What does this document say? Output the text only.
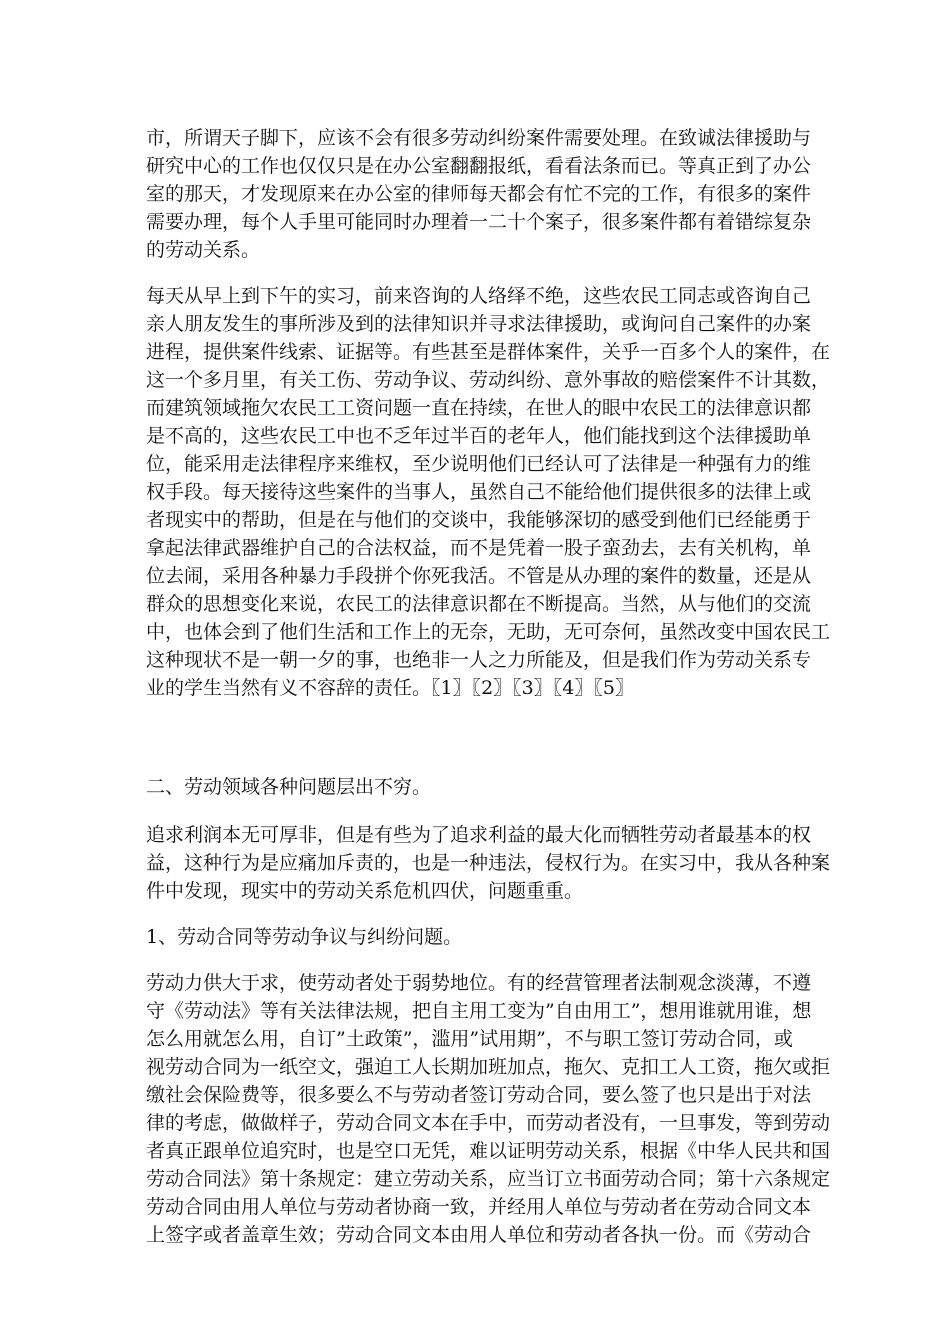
市，所谓天子脚下，应该不会有很多劳动纠纷案件需要处理。在致诚法律援助与
研究中心的工作也仅仅只是在办公室翻翻报纸，看看法条而已。等真正到了办公
室的那天，才发现原来在办公室的律师每天都会有忙不完的工作，有很多的案件
需要办理，每个人手里可能同时办理着一二十个案子，很多案件都有着错综复杂
的劳动关系。
每天从早上到下午的实习，前来咨询的人络绎不绝，这些农民工同志或咨询自己
亲人朋友发生的事所涉及到的法律知识并寻求法律援助，或询问自己案件的办案
进程，提供案件线索、证据等。有些甚至是群体案件，关乎一百多个人的案件，在
这一个多月里，有关工伤、劳动争议、劳动纠纷、意外事故的赔偿案件不计其数，
而建筑领域拖欠农民工工资问题一直在持续，在世人的眼中农民工的法律意识都
是不高的，这些农民工中也不乏年过半百的老年人，他们能找到这个法律援助单
位，能采用走法律程序来维权，至少说明他们已经认可了法律是一种强有力的维
权手段。每天接待这些案件的当事人，虽然自己不能给他们提供很多的法律上或
者现实中的帮助，但是在与他们的交谈中，我能够深切的感受到他们已经能勇于
拿起法律武器维护自己的合法权益，而不是凭着一股子蛮劲去，去有关机构，单
位去闹，采用各种暴力手段拼个你死我活。不管是从办理的案件的数量，还是从
群众的思想变化来说，农民工的法律意识都在不断提高。当然，从与他们的交流
中，也体会到了他们生活和工作上的无奈，无助，无可奈何，虽然改变中国农民工
这种现状不是一朝一夕的事，也绝非一人之力所能及，但是我们作为劳动关系专
业的学生当然有义不容辞的责任。〖1〗〖2〗〖3〗〖4〗〖5〗
二、劳动领域各种问题层出不穷。
追求利润本无可厚非，但是有些为了追求利益的最大化而牺牲劳动者最基本的权
益，这种行为是应痛加斥责的，也是一种违法，侵权行为。在实习中，我从各种案
件中发现，现实中的劳动关系危机四伏，问题重重。
1、劳动合同等劳动争议与纠纷问题。
劳动力供大于求，使劳动者处于弱势地位。有的经营管理者法制观念淡薄，不遵
守《劳动法》等有关法律法规，把自主用工变为”自由用工”，想用谁就用谁，想
怎么用就怎么用，自订”土政策”，滥用”试用期”，不与职工签订劳动合同，或
视劳动合同为一纸空文，强迫工人长期加班加点，拖欠、克扣工人工资，拖欠或拒
缴社会保险费等，很多要么不与劳动者签订劳动合同，要么签了也只是出于对法
律的考虑，做做样子，劳动合同文本在手中，而劳动者没有，一旦事发，等到劳动
者真正跟单位追究时，也是空口无凭，难以证明劳动关系，根据《中华人民共和国
劳动合同法》第十条规定：建立劳动关系，应当订立书面劳动合同；第十六条规定
劳动合同由用人单位与劳动者协商一致，并经用人单位与劳动者在劳动合同文本
上签字或者盖章生效；劳动合同文本由用人单位和劳动者各执一份。而《劳动合
